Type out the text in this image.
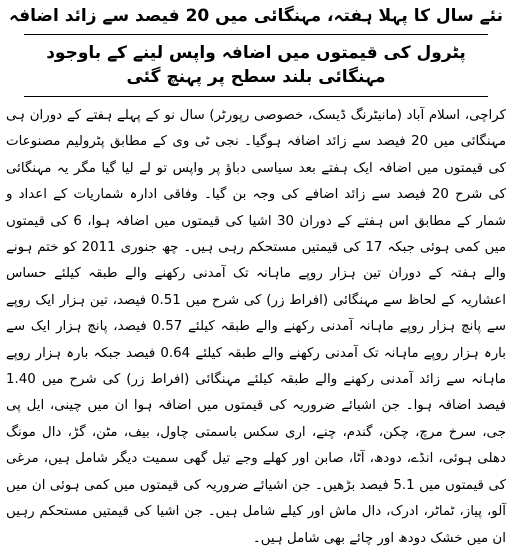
نئے سال کا پہلا ہفتہ، مہنگائی میں 20 فیصد سے زائد اضافہ
پٹرول کی قیمتوں میں اضافہ واپس لینے کے باوجود مہنگائی بلند سطح پر پہنچ گئی

کراچی، اسلام آباد (مانیٹرنگ ڈیسک، خصوصی رپورٹر) سال نو کے پہلے ہفتے کے دوران ہی مہنگائی میں 20 فیصد سے زائد اضافہ ہوگیا۔ نجی ٹی وی کے مطابق پٹرولیم مصنوعات کی قیمتوں میں اضافہ ایک ہفتے بعد سیاسی دباؤ پر واپس تو لے لیا گیا مگر یہ مہنگائی کی شرح 20 فیصد سے زائد اضافے کی وجہ بن گیا۔ وفاقی ادارہ شماریات کے اعداد و شمار کے مطابق اس ہفتے کے دوران 30 اشیا کی قیمتوں میں اضافہ ہوا، 6 کی قیمتوں میں کمی ہوئی جبکہ 17 کی قیمتیں مستحکم رہی ہیں۔ چھ جنوری 2011 کو ختم ہونے والے ہفتہ کے دوران تین ہزار روپے ماہانہ تک آمدنی رکھنے والے طبقہ کیلئے حساس اعشاریہ کے لحاظ سے مہنگائی (افراط زر) کی شرح میں 0.51 فیصد، تین ہزار ایک روپے سے پانچ ہزار روپے ماہانہ آمدنی رکھنے والے طبقہ کیلئے 0.57 فیصد، پانچ ہزار ایک سے بارہ ہزار روپے ماہانہ تک آمدنی رکھنے والے طبقہ کیلئے 0.64 فیصد جبکہ بارہ ہزار روپے ماہانہ سے زائد آمدنی رکھنے والے طبقہ کیلئے مہنگائی (افراط زر) کی شرح میں 1.40 فیصد اضافہ ہوا۔ جن اشیائے ضروریہ کی قیمتوں میں اضافہ ہوا ان میں چینی، ایل پی جی، سرخ مرچ، چکن، گندم، چنے، اری سکس باسمتی چاول، بیف، مٹن، گڑ، دال مونگ دھلی ہوئی، انڈے، دودھ، آٹا، صابن اور کھلے وجے تیل گھی سمیت دیگر شامل ہیں، مرغی کی قیمتوں میں 5.1 فیصد بڑھیں۔ جن اشیائے ضروریہ کی قیمتوں میں کمی ہوئی ان میں آلو، پیاز، ٹماٹر، ادرک، دال ماش اور کیلے شامل ہیں۔ جن اشیا کی قیمتیں مستحکم رہیں ان میں خشک دودھ اور چائے بھی شامل ہیں۔
